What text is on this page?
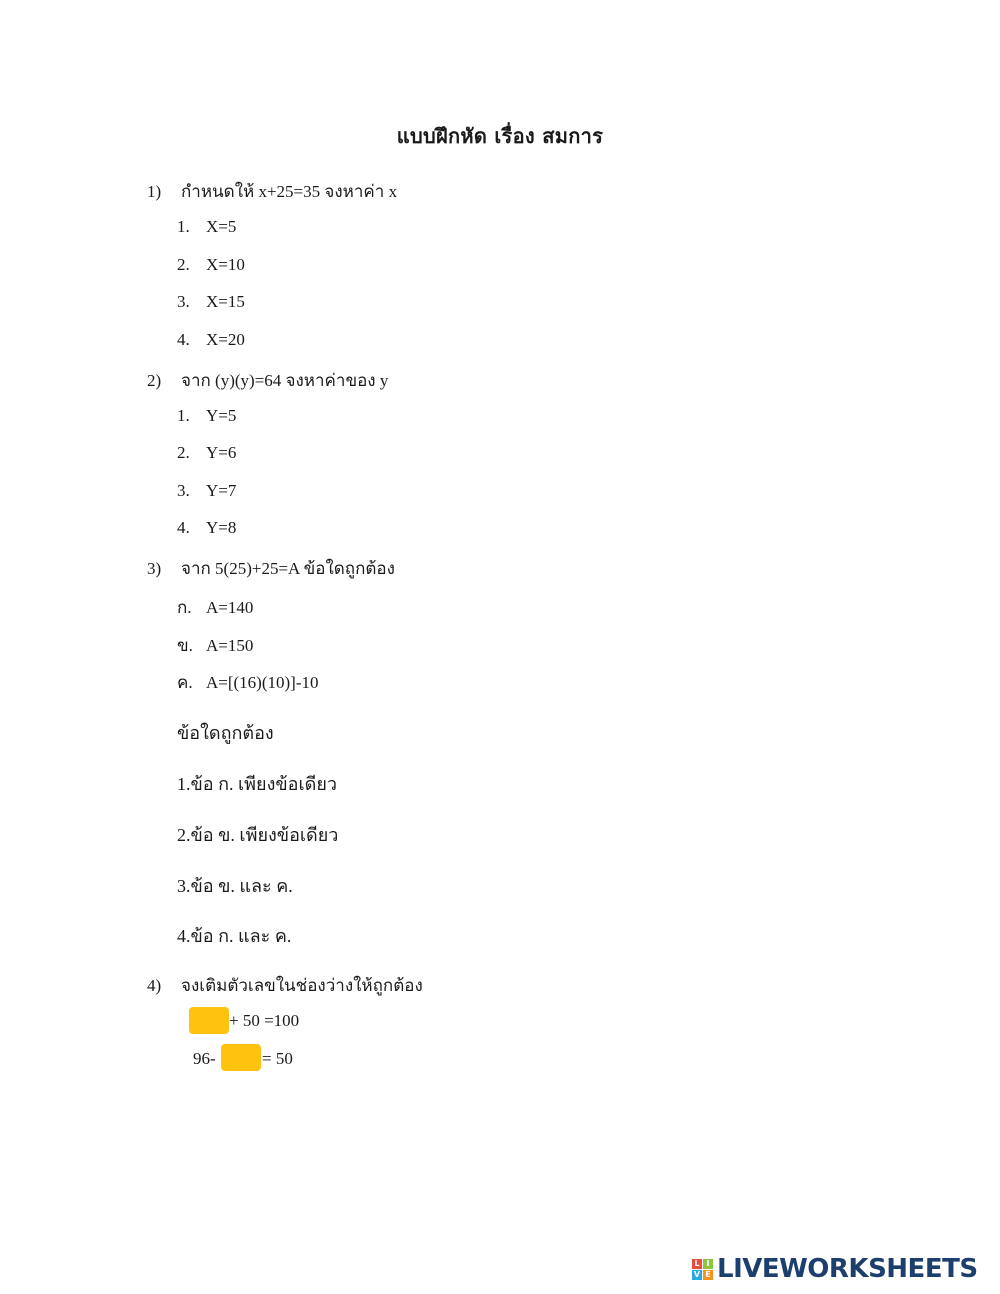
แบบฝึกหัด เรื่อง สมการ
1) กำหนดให้ x+25=35 จงหาค่า x
1. X=5
2. X=10
3. X=15
4. X=20
2) จาก (y)(y)=64 จงหาค่าของ y
1. Y=5
2. Y=6
3. Y=7
4. Y=8
3) จาก 5(25)+25=A ข้อใดถูกต้อง
ก. A=140
ข. A=150
ค. A=[(16)(10)]-10
ข้อใดถูกต้อง
1.ข้อ ก. เพียงข้อเดียว
2.ข้อ ข. เพียงข้อเดียว
3.ข้อ ข. และ ค.
4.ข้อ ก. และ ค.
4) จงเติมตัวเลขในช่องว่างให้ถูกต้อง
+ 50 =100
96-	= 50
L I
V E LIVEWORKSHEETS
